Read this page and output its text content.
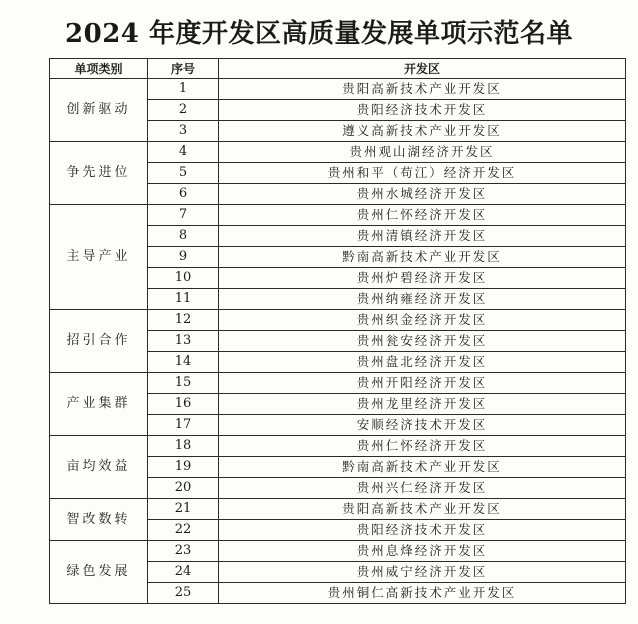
2024 年度开发区高质量发展单项示范名单
单项类别	序号	开发区
创新驱动	1	贵阳高新技术产业开发区
	2	贵阳经济技术开发区
	3	遵义高新技术产业开发区
争先进位	4	贵州观山湖经济开发区
	5	贵州和平（苟江）经济开发区
	6	贵州水城经济开发区
主导产业	7	贵州仁怀经济开发区
	8	贵州清镇经济开发区
	9	黔南高新技术产业开发区
	10	贵州炉碧经济开发区
	11	贵州纳雍经济开发区
招引合作	12	贵州织金经济开发区
	13	贵州瓮安经济开发区
	14	贵州盘北经济开发区
产业集群	15	贵州开阳经济开发区
	16	贵州龙里经济开发区
	17	安顺经济技术开发区
亩均效益	18	贵州仁怀经济开发区
	19	黔南高新技术产业开发区
	20	贵州兴仁经济开发区
智改数转	21	贵阳高新技术产业开发区
	22	贵阳经济技术开发区
绿色发展	23	贵州息烽经济开发区
	24	贵州威宁经济开发区
	25	贵州铜仁高新技术产业开发区
